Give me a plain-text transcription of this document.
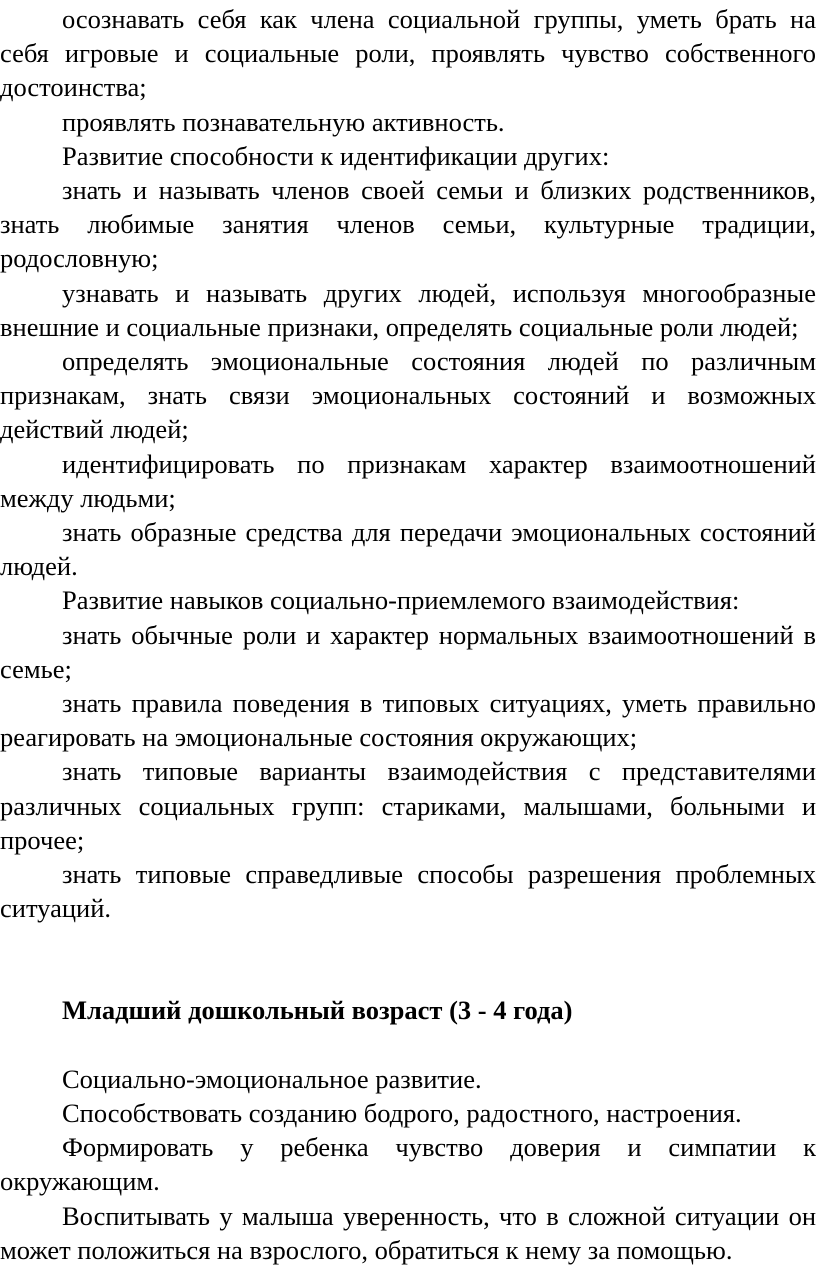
осознавать себя как члена социальной группы, уметь брать на себя игровые и социальные роли, проявлять чувство собственного достоинства;

проявлять познавательную активность.

Развитие способности к идентификации других:

знать и называть членов своей семьи и близких родственников, знать любимые занятия членов семьи, культурные традиции, родословную;

узнавать и называть других людей, используя многообразные внешние и социальные признаки, определять социальные роли людей;

определять эмоциональные состояния людей по различным признакам, знать связи эмоциональных состояний и возможных действий людей;

идентифицировать по признакам характер взаимоотношений между людьми;

знать образные средства для передачи эмоциональных состояний людей.

Развитие навыков социально-приемлемого взаимодействия:

знать обычные роли и характер нормальных взаимоотношений в семье;

знать правила поведения в типовых ситуациях, уметь правильно реагировать на эмоциональные состояния окружающих;

знать типовые варианты взаимодействия с представителями различных социальных групп: стариками, малышами, больными и прочее;

знать типовые справедливые способы разрешения проблемных ситуаций.

Младший дошкольный возраст (3 - 4 года)

Социально-эмоциональное развитие.

Способствовать созданию бодрого, радостного, настроения.

Формировать у ребенка чувство доверия и симпатии к окружающим.

Воспитывать у малыша уверенность, что в сложной ситуации он может положиться на взрослого, обратиться к нему за помощью.
